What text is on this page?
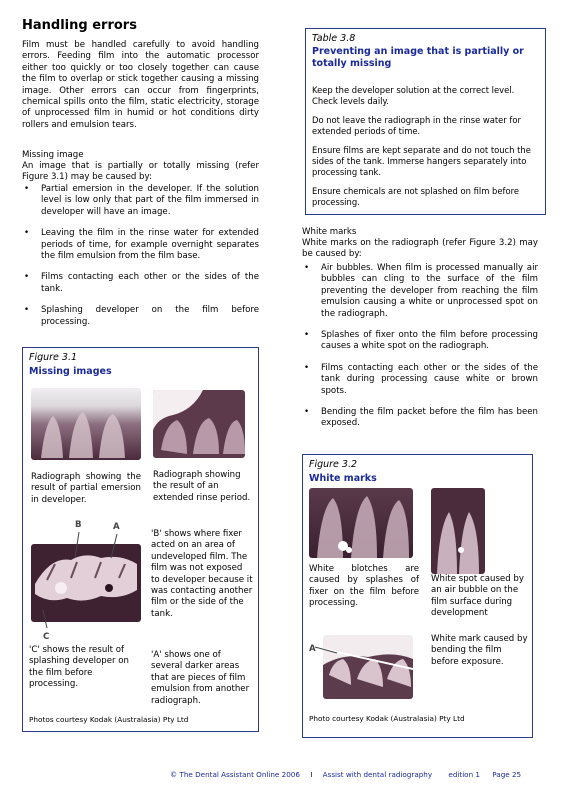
Handling errors
Film must be handled carefully to avoid handling errors. Feeding film into the automatic processor either too quickly or too closely together can cause the film to overlap or stick together causing a missing image. Other errors can occur from fingerprints, chemical spills onto the film, static electricity, storage of unprocessed film in humid or hot conditions dirty rollers and emulsion tears.
Missing image
An image that is partially or totally missing (refer Figure 3.1) may be caused by:
• Partial emersion in the developer. If the solution level is low only that part of the film immersed in developer will have an image.
• Leaving the film in the rinse water for extended periods of time, for example overnight separates the film emulsion from the film base.
• Films contacting each other or the sides of the tank.
• Splashing developer on the film before processing.
Figure 3.1
Missing images
Radiograph showing the result of partial emersion in developer.
Radiograph showing the result of an extended rinse period.
B	A
C
'C' shows the result of splashing developer on the film before processing.
'B' shows where fixer acted on an area of undeveloped film. The film was not exposed to developer because it was contacting another film or the side of the tank.
'A' shows one of several darker areas that are pieces of film emulsion from another radiograph.
Photos courtesy Kodak (Australasia) Pty Ltd
Table 3.8
Preventing an image that is partially or totally missing

Keep the developer solution at the correct level. Check levels daily.

Do not leave the radiograph in the rinse water for extended periods of time.

Ensure films are kept separate and do not touch the sides of the tank. Immerse hangers separately into processing tank.

Ensure chemicals are not splashed on film before processing.

White marks
White marks on the radiograph (refer Figure 3.2) may be caused by:
• Air bubbles. When film is processed manually air bubbles can cling to the surface of the film preventing the developer from reaching the film emulsion causing a white or unprocessed spot on the radiograph.
• Splashes of fixer onto the film before processing causes a white spot on the radiograph.
• Films contacting each other or the sides of the tank during processing cause white or brown spots.
• Bending the film packet before the film has been exposed.
Figure 3.2
White marks
White blotches are caused by splashes of fixer on the film before processing.
White spot caused by an air bubble on the film surface during development
A
White mark caused by bending the film before exposure.
Photo courtesy Kodak (Australasia) Pty Ltd
© The Dental Assistant Online 2006 I Assist with dental radiography edition 1 Page 25
